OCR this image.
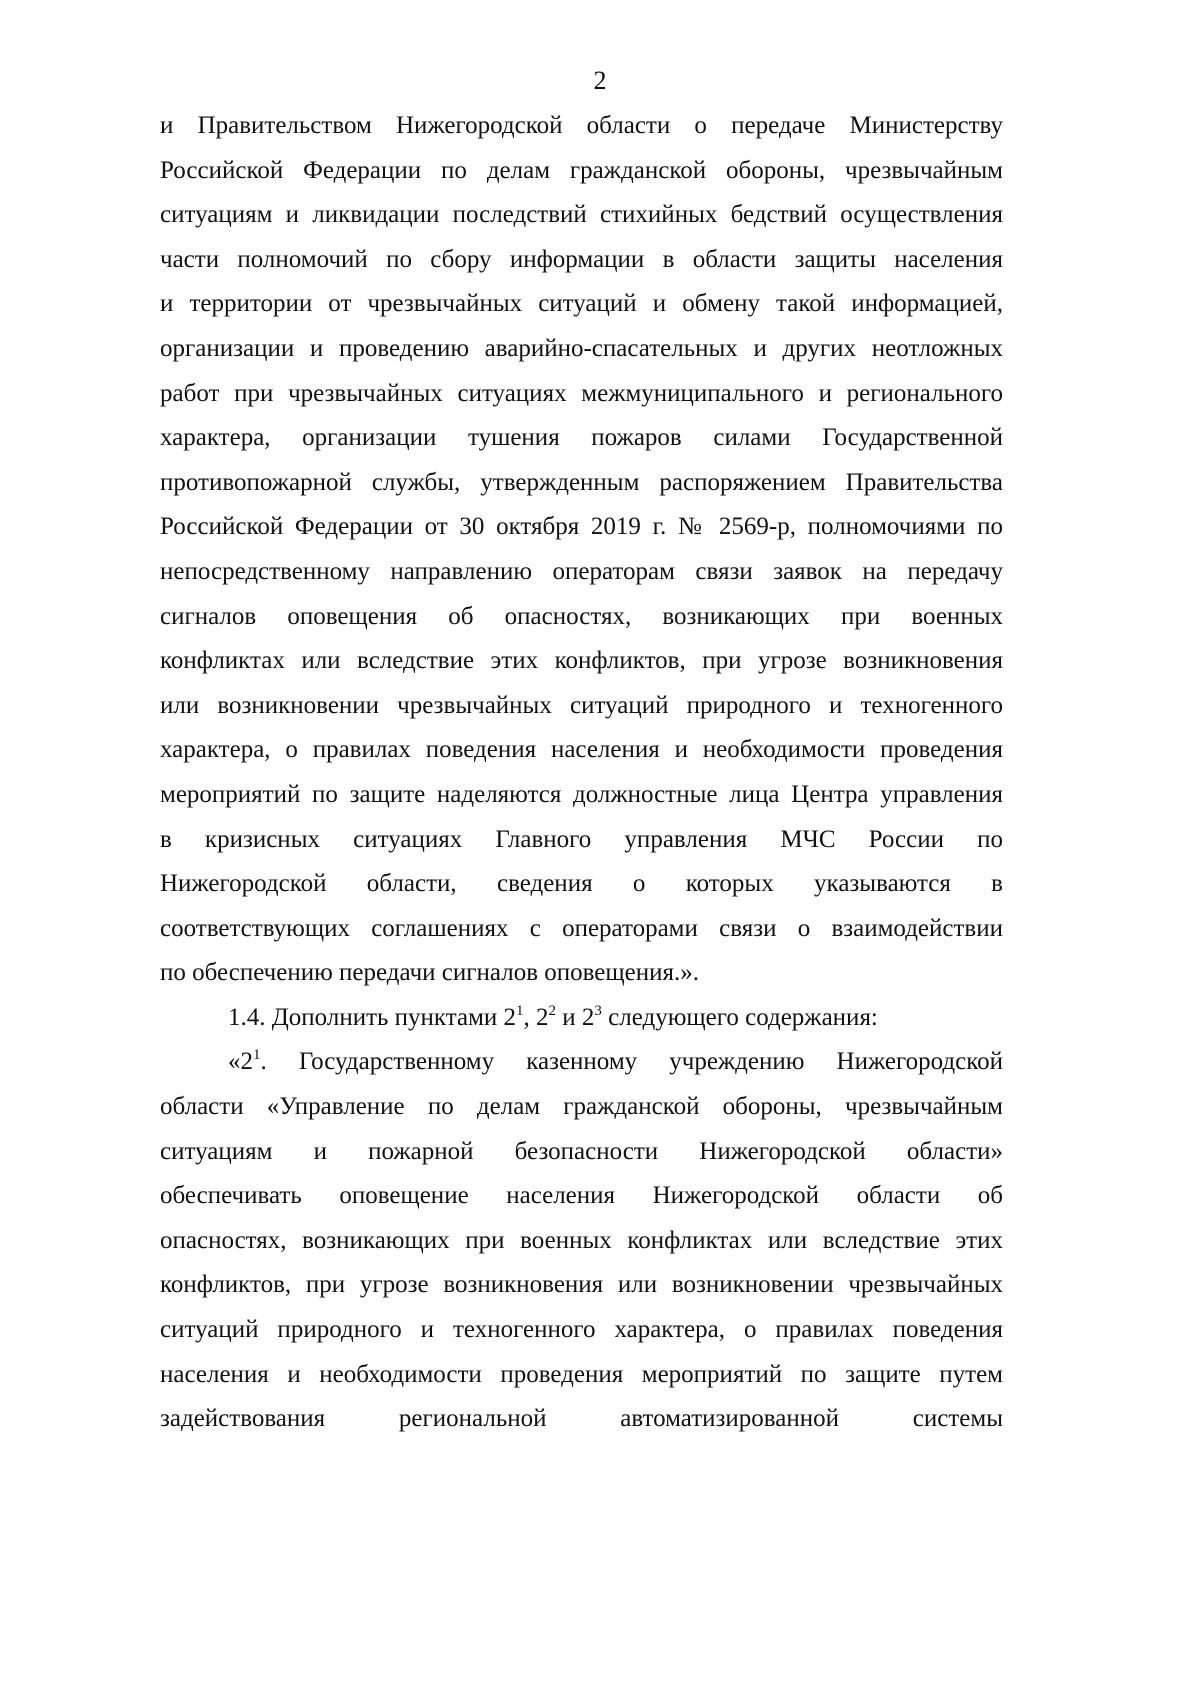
2
и Правительством Нижегородской области о передаче Министерству
Российской Федерации по делам гражданской обороны, чрезвычайным
ситуациям и ликвидации последствий стихийных бедствий осуществления
части полномочий по сбору информации в области защиты населения
и территории от чрезвычайных ситуаций и обмену такой информацией,
организации и проведению аварийно-спасательных и других неотложных
работ при чрезвычайных ситуациях межмуниципального и регионального
характера, организации тушения пожаров силами Государственной
противопожарной службы, утвержденным распоряжением Правительства
Российской Федерации от 30 октября 2019 г. № 2569-р, полномочиями по
непосредственному направлению операторам связи заявок на передачу
сигналов оповещения об опасностях, возникающих при военных
конфликтах или вследствие этих конфликтов, при угрозе возникновения
или возникновении чрезвычайных ситуаций природного и техногенного
характера, о правилах поведения населения и необходимости проведения
мероприятий по защите наделяются должностные лица Центра управления
в кризисных ситуациях Главного управления МЧС России по
Нижегородской области, сведения о которых указываются в
соответствующих соглашениях с операторами связи о взаимодействии
по обеспечению передачи сигналов оповещения.».
1.4. Дополнить пунктами $2^1$, $2^2$ и $2^3$ следующего содержания:
«$2^1$. Государственному казенному учреждению Нижегородской
области «Управление по делам гражданской обороны, чрезвычайным
ситуациям и пожарной безопасности Нижегородской области»
обеспечивать оповещение населения Нижегородской области об
опасностях, возникающих при военных конфликтах или вследствие этих
конфликтов, при угрозе возникновения или возникновении чрезвычайных
ситуаций природного и техногенного характера, о правилах поведения
населения и необходимости проведения мероприятий по защите путем
задействования региональной автоматизированной системы
